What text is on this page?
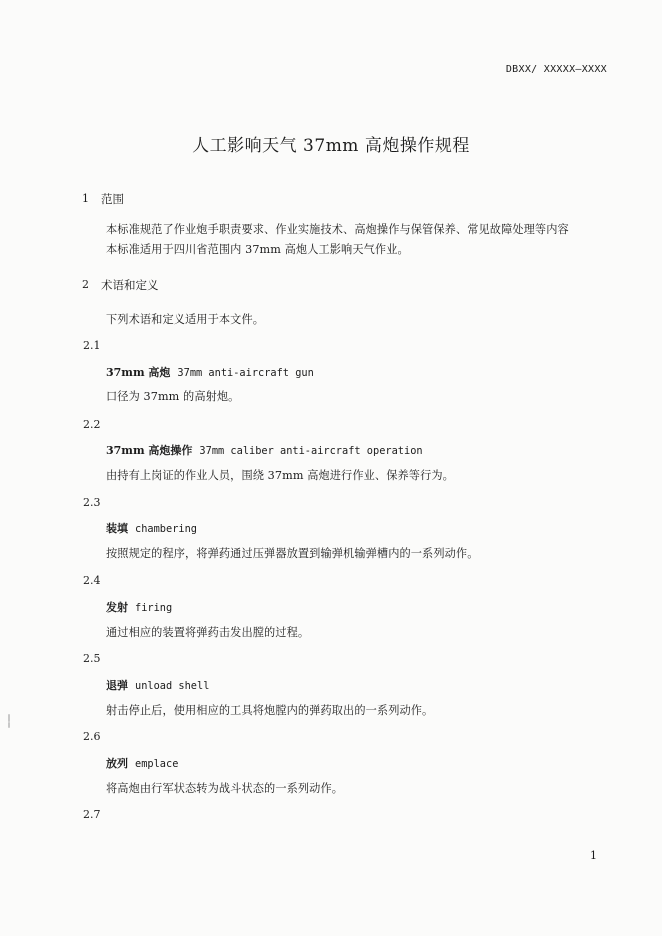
DBXX/ XXXXX—XXXX
人工影响天气 37mm 高炮操作规程
1 范围
本标准规范了作业炮手职责要求、作业实施技术、高炮操作与保管保养、常见故障处理等内容
本标准适用于四川省范围内 37mm 高炮人工影响天气作业。
2 术语和定义
下列术语和定义适用于本文件。
2.1
37mm 高炮 37mm anti-aircraft gun
口径为 37mm 的高射炮。
2.2
37mm 高炮操作 37mm caliber anti-aircraft operation
由持有上岗证的作业人员，围绕 37mm 高炮进行作业、保养等行为。
2.3
装填 chambering
按照规定的程序，将弹药通过压弹器放置到输弹机输弹槽内的一系列动作。
2.4
发射 firing
通过相应的装置将弹药击发出膛的过程。
2.5
退弹 unload shell
射击停止后，使用相应的工具将炮膛内的弹药取出的一系列动作。
2.6
放列 emplace
将高炮由行军状态转为战斗状态的一系列动作。
2.7
1
